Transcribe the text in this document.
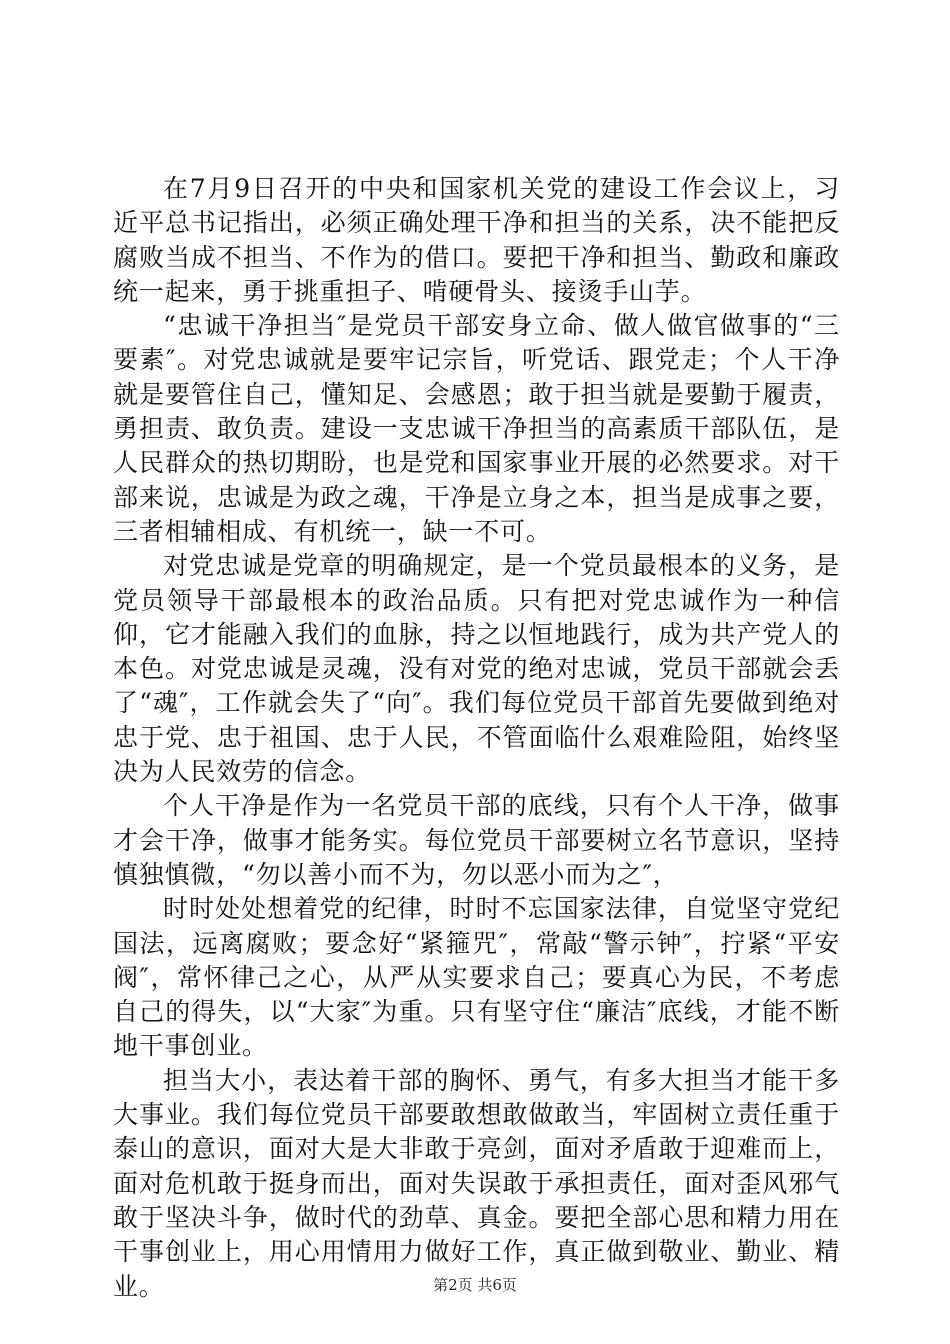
在7月9日召开的中央和国家机关党的建设工作会议上，习近平总书记指出，必须正确处理干净和担当的关系，决不能把反腐败当成不担当、不作为的借口。要把干净和担当、勤政和廉政统一起来，勇于挑重担子、啃硬骨头、接烫手山芋。

“忠诚干净担当″是党员干部安身立命、做人做官做事的“三要素″。对党忠诚就是要牢记宗旨，听党话、跟党走；个人干净就是要管住自己，懂知足、会感恩；敢于担当就是要勤于履责，勇担责、敢负责。建设一支忠诚干净担当的高素质干部队伍，是人民群众的热切期盼，也是党和国家事业开展的必然要求。对干部来说，忠诚是为政之魂，干净是立身之本，担当是成事之要，三者相辅相成、有机统一，缺一不可。

对党忠诚是党章的明确规定，是一个党员最根本的义务，是党员领导干部最根本的政治品质。只有把对党忠诚作为一种信仰，它才能融入我们的血脉，持之以恒地践行，成为共产党人的本色。对党忠诚是灵魂，没有对党的绝对忠诚，党员干部就会丢了“魂″，工作就会失了“向″。我们每位党员干部首先要做到绝对忠于党、忠于祖国、忠于人民，不管面临什么艰难险阻，始终坚决为人民效劳的信念。

个人干净是作为一名党员干部的底线，只有个人干净，做事才会干净，做事才能务实。每位党员干部要树立名节意识，坚持慎独慎微，“勿以善小而不为，勿以恶小而为之″，

时时处处想着党的纪律，时时不忘国家法律，自觉坚守党纪国法，远离腐败；要念好“紧箍咒″，常敲“警示钟″，拧紧“平安阀″，常怀律己之心，从严从实要求自己；要真心为民，不考虑自己的得失，以“大家″为重。只有坚守住“廉洁″底线，才能不断地干事创业。

担当大小，表达着干部的胸怀、勇气，有多大担当才能干多大事业。我们每位党员干部要敢想敢做敢当，牢固树立责任重于泰山的意识，面对大是大非敢于亮剑，面对矛盾敢于迎难而上，面对危机敢于挺身而出，面对失误敢于承担责任，面对歪风邪气敢于坚决斗争，做时代的劲草、真金。要把全部心思和精力用在干事创业上，用心用情用力做好工作，真正做到敬业、勤业、精业。	第2页 共6页
